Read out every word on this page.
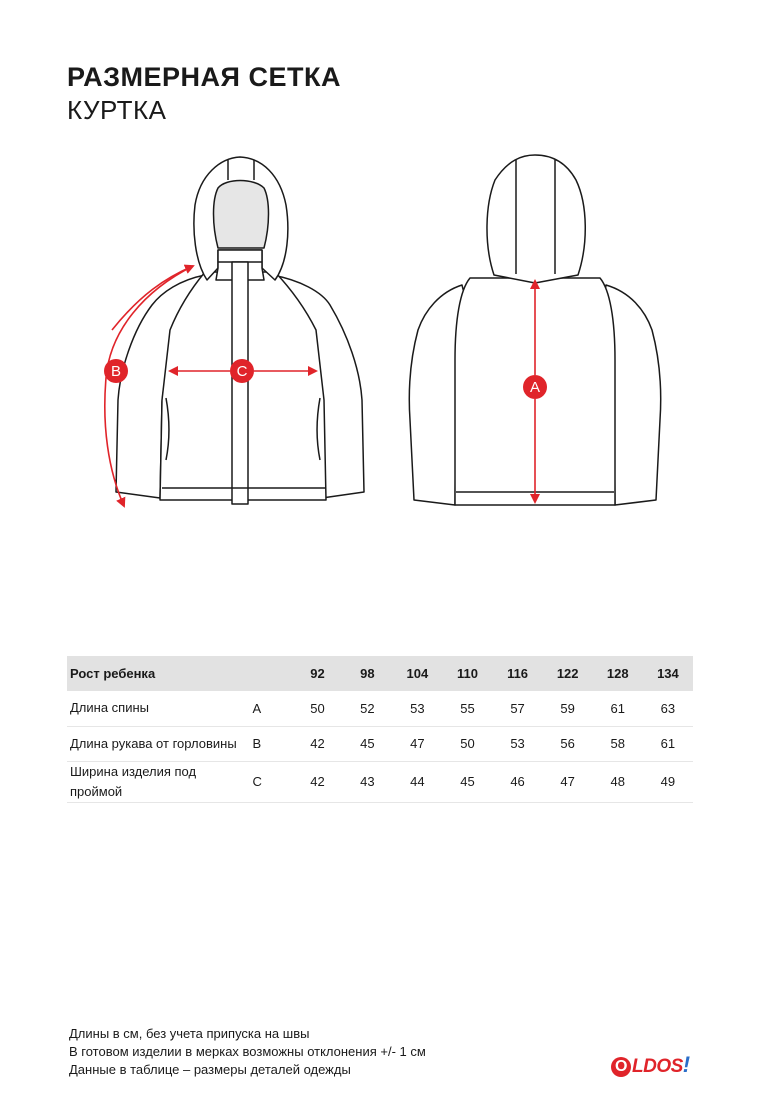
РАЗМЕРНАЯ СЕТКА
КУРТКА
B	C
A
Рост ребенка		92	98	104	110	116	122	128	134
Длина спины	A	50	52	53	55	57	59	61	63
Длина рукава от горловины	B	42	45	47	50	53	56	58	61
Ширина изделия под проймой	C	42	43	44	45	46	47	48	49
Длины в см, без учета припуска на швы
В готовом изделии в мерках возможны отклонения +/- 1 см
Данные в таблице – размеры деталей одежды	O LDOS!
